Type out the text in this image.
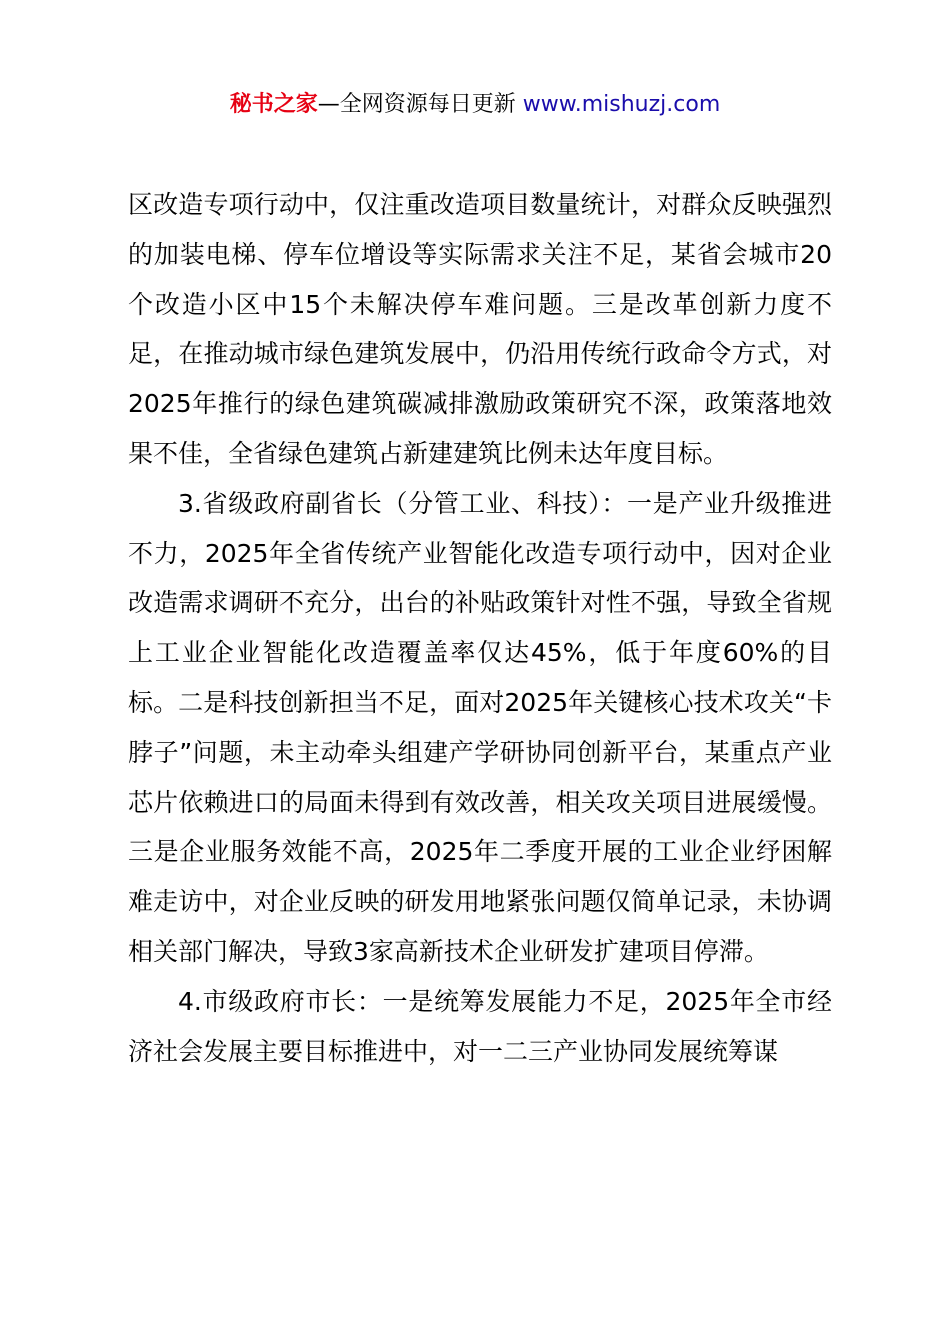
秘书之家—全网资源每日更新 www.mishuzj.com

区改造专项行动中，仅注重改造项目数量统计，对群众反映强烈的加装电梯、停车位增设等实际需求关注不足，某省会城市20个改造小区中15个未解决停车难问题。三是改革创新力度不足，在推动城市绿色建筑发展中，仍沿用传统行政命令方式，对2025年推行的绿色建筑碳减排激励政策研究不深，政策落地效果不佳，全省绿色建筑占新建建筑比例未达年度目标。

3.省级政府副省长（分管工业、科技）：一是产业升级推进不力，2025年全省传统产业智能化改造专项行动中，因对企业改造需求调研不充分，出台的补贴政策针对性不强，导致全省规上工业企业智能化改造覆盖率仅达45%，低于年度60%的目标。二是科技创新担当不足，面对2025年关键核心技术攻关“卡脖子”问题，未主动牵头组建产学研协同创新平台，某重点产业芯片依赖进口的局面未得到有效改善，相关攻关项目进展缓慢。三是企业服务效能不高，2025年二季度开展的工业企业纾困解难走访中，对企业反映的研发用地紧张问题仅简单记录，未协调相关部门解决，导致3家高新技术企业研发扩建项目停滞。

4.市级政府市长：一是统筹发展能力不足，2025年全市经济社会发展主要目标推进中，对一二三产业协同发展统筹谋
